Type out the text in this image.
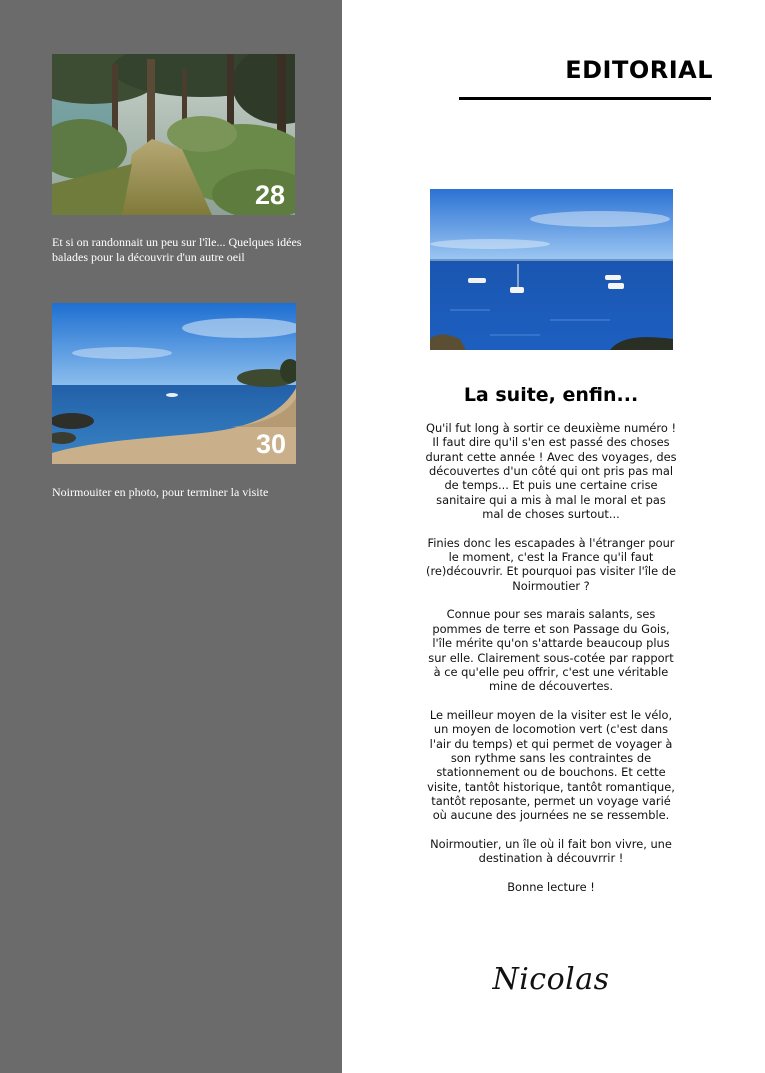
28
Et si on randonnait un peu sur l'île... Quelques idées balades pour la découvrir d'un autre oeil
30
Noirmouiter en photo, pour terminer la visite
EDITORIAL
La suite, enfin...

Qu'il fut long à sortir ce deuxième numéro ! Il faut dire qu'il s'en est passé des choses durant cette année ! Avec des voyages, des découvertes d'un côté qui ont pris pas mal de temps... Et puis une certaine crise sanitaire qui a mis à mal le moral et pas mal de choses surtout...

Finies donc les escapades à l'étranger pour le moment, c'est la France qu'il faut (re)découvrir. Et pourquoi pas visiter l'île de Noirmoutier ?

Connue pour ses marais salants, ses pommes de terre et son Passage du Gois, l'île mérite qu'on s'attarde beaucoup plus sur elle. Clairement sous-cotée par rapport à ce qu'elle peu offrir, c'est une véritable mine de découvertes.

Le meilleur moyen de la visiter est le vélo, un moyen de locomotion vert (c'est dans l'air du temps) et qui permet de voyager à son rythme sans les contraintes de stationnement ou de bouchons. Et cette visite, tantôt historique, tantôt romantique, tantôt reposante, permet un voyage varié où aucune des journées ne se ressemble.

Noirmoutier, un île où il fait bon vivre, une destination à découvrrir !

Bonne lecture !

Nicolas
